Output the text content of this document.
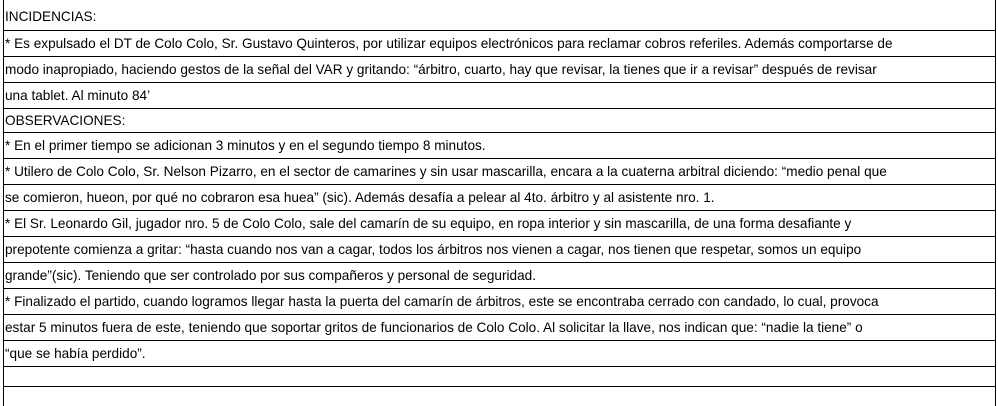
INCIDENCIAS:
* Es expulsado el DT de Colo Colo, Sr. Gustavo Quinteros, por utilizar equipos electrónicos para reclamar cobros referiles. Además comportarse de
modo inapropiado, haciendo gestos de la señal del VAR y gritando: “árbitro, cuarto, hay que revisar, la tienes que ir a revisar” después de revisar
una tablet. Al minuto 84’
OBSERVACIONES:
* En el primer tiempo se adicionan 3 minutos y en el segundo tiempo 8 minutos.
* Utilero de Colo Colo, Sr. Nelson Pizarro, en el sector de camarines y sin usar mascarilla, encara a la cuaterna arbitral diciendo: “medio penal que
se comieron, hueon, por qué no cobraron esa huea” (sic). Además desafía a pelear al 4to. árbitro y al asistente nro. 1.
* El Sr. Leonardo Gil, jugador nro. 5 de Colo Colo, sale del camarín de su equipo, en ropa interior y sin mascarilla, de una forma desafiante y
prepotente comienza a gritar: “hasta cuando nos van a cagar, todos los árbitros nos vienen a cagar, nos tienen que respetar, somos un equipo
grande”(sic). Teniendo que ser controlado por sus compañeros y personal de seguridad.
* Finalizado el partido, cuando logramos llegar hasta la puerta del camarín de árbitros, este se encontraba cerrado con candado, lo cual, provoca
estar 5 minutos fuera de este, teniendo que soportar gritos de funcionarios de Colo Colo. Al solicitar la llave, nos indican que: “nadie la tiene” o
“que se había perdido”.
